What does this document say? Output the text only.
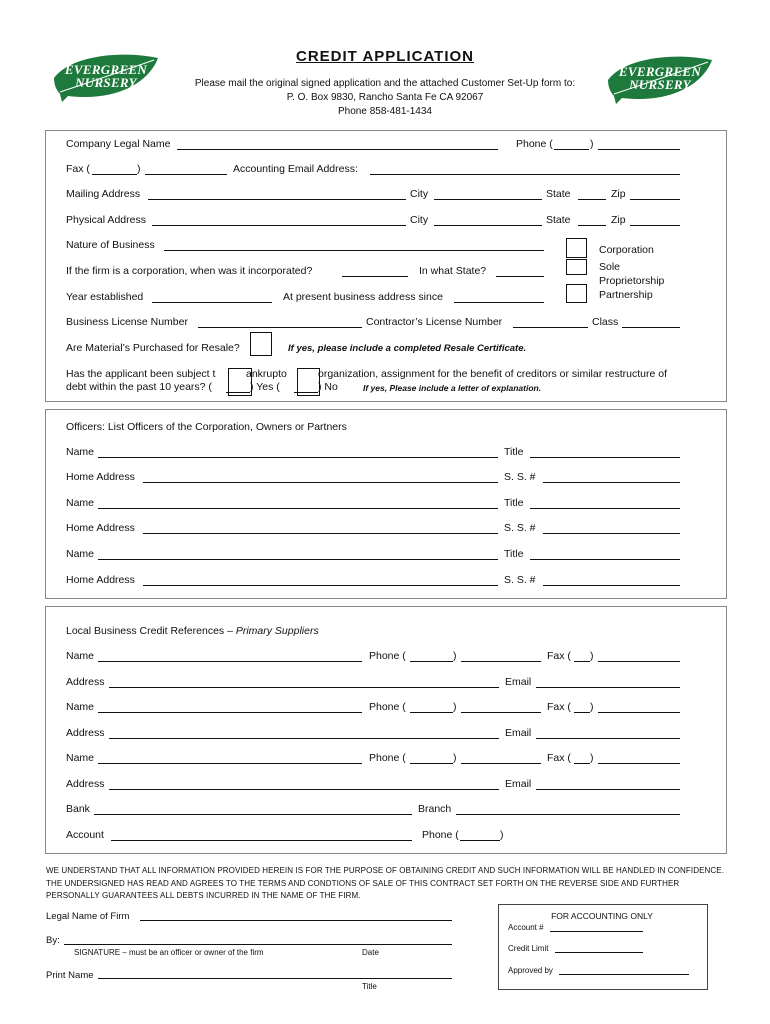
EVERGREEN
NURSERY
EVERGREEN
NURSERY
CREDIT APPLICATION
Please mail the original signed application and the attached Customer Set-Up form to:
P. O. Box 9830, Rancho Santa Fe CA 92067
Phone 858-481-1434
Company Legal Name	Phone (	)
Fax (	)	Accounting Email Address:
Mailing Address	City	State	Zip
Physical Address	City	State	Zip
Nature of Business	Corporation
Sole
Proprietorship
Partnership
If the firm is a corporation, when was it incorporated?	In what State?
Year established	At present business address since
Business License Number	Contractor’s License Number	Class
Are Material’s Purchased for Resale?	If yes, please include a completed Resale Certificate.
Has the applicant been subject t	ankrupto	organization, assignment for the benefit of creditors or similar restructure of
debt within the past 10 years? (	) Yes (	) No	If yes, Please include a letter of explanation.
Officers: List Officers of the Corporation, Owners or Partners
Name	Title
Home Address	S. S. #
Name	Title
Home Address	S. S. #
Name	Title
Home Address	S. S. #
Local Business Credit References – Primary Suppliers
Name	Phone (	)	Fax ( )
Address	Email
Name	Phone (	)	Fax ( )
Address	Email
Name	Phone (	)	Fax ( )
Address	Email
Bank	Branch
Account	Phone (	)
WE UNDERSTAND THAT ALL INFORMATION PROVIDED HEREIN IS FOR THE PURPOSE OF OBTAINING CREDIT AND SUCH INFORMATION WILL BE HANDLED IN CONFIDENCE. THE UNDERSIGNED HAS READ AND AGREES TO THE TERMS AND CONDTIONS OF SALE OF THIS CONTRACT SET FORTH ON THE REVERSE SIDE AND FURTHER PERSONALLY GUARANTEES ALL DEBTS INCURRED IN THE NAME OF THE FIRM.
Legal Name of Firm
By:
SIGNATURE – must be an officer or owner of the firm	Date
Print Name
Title
FOR ACCOUNTING ONLY
Account #
Credit Limit
Approved by
